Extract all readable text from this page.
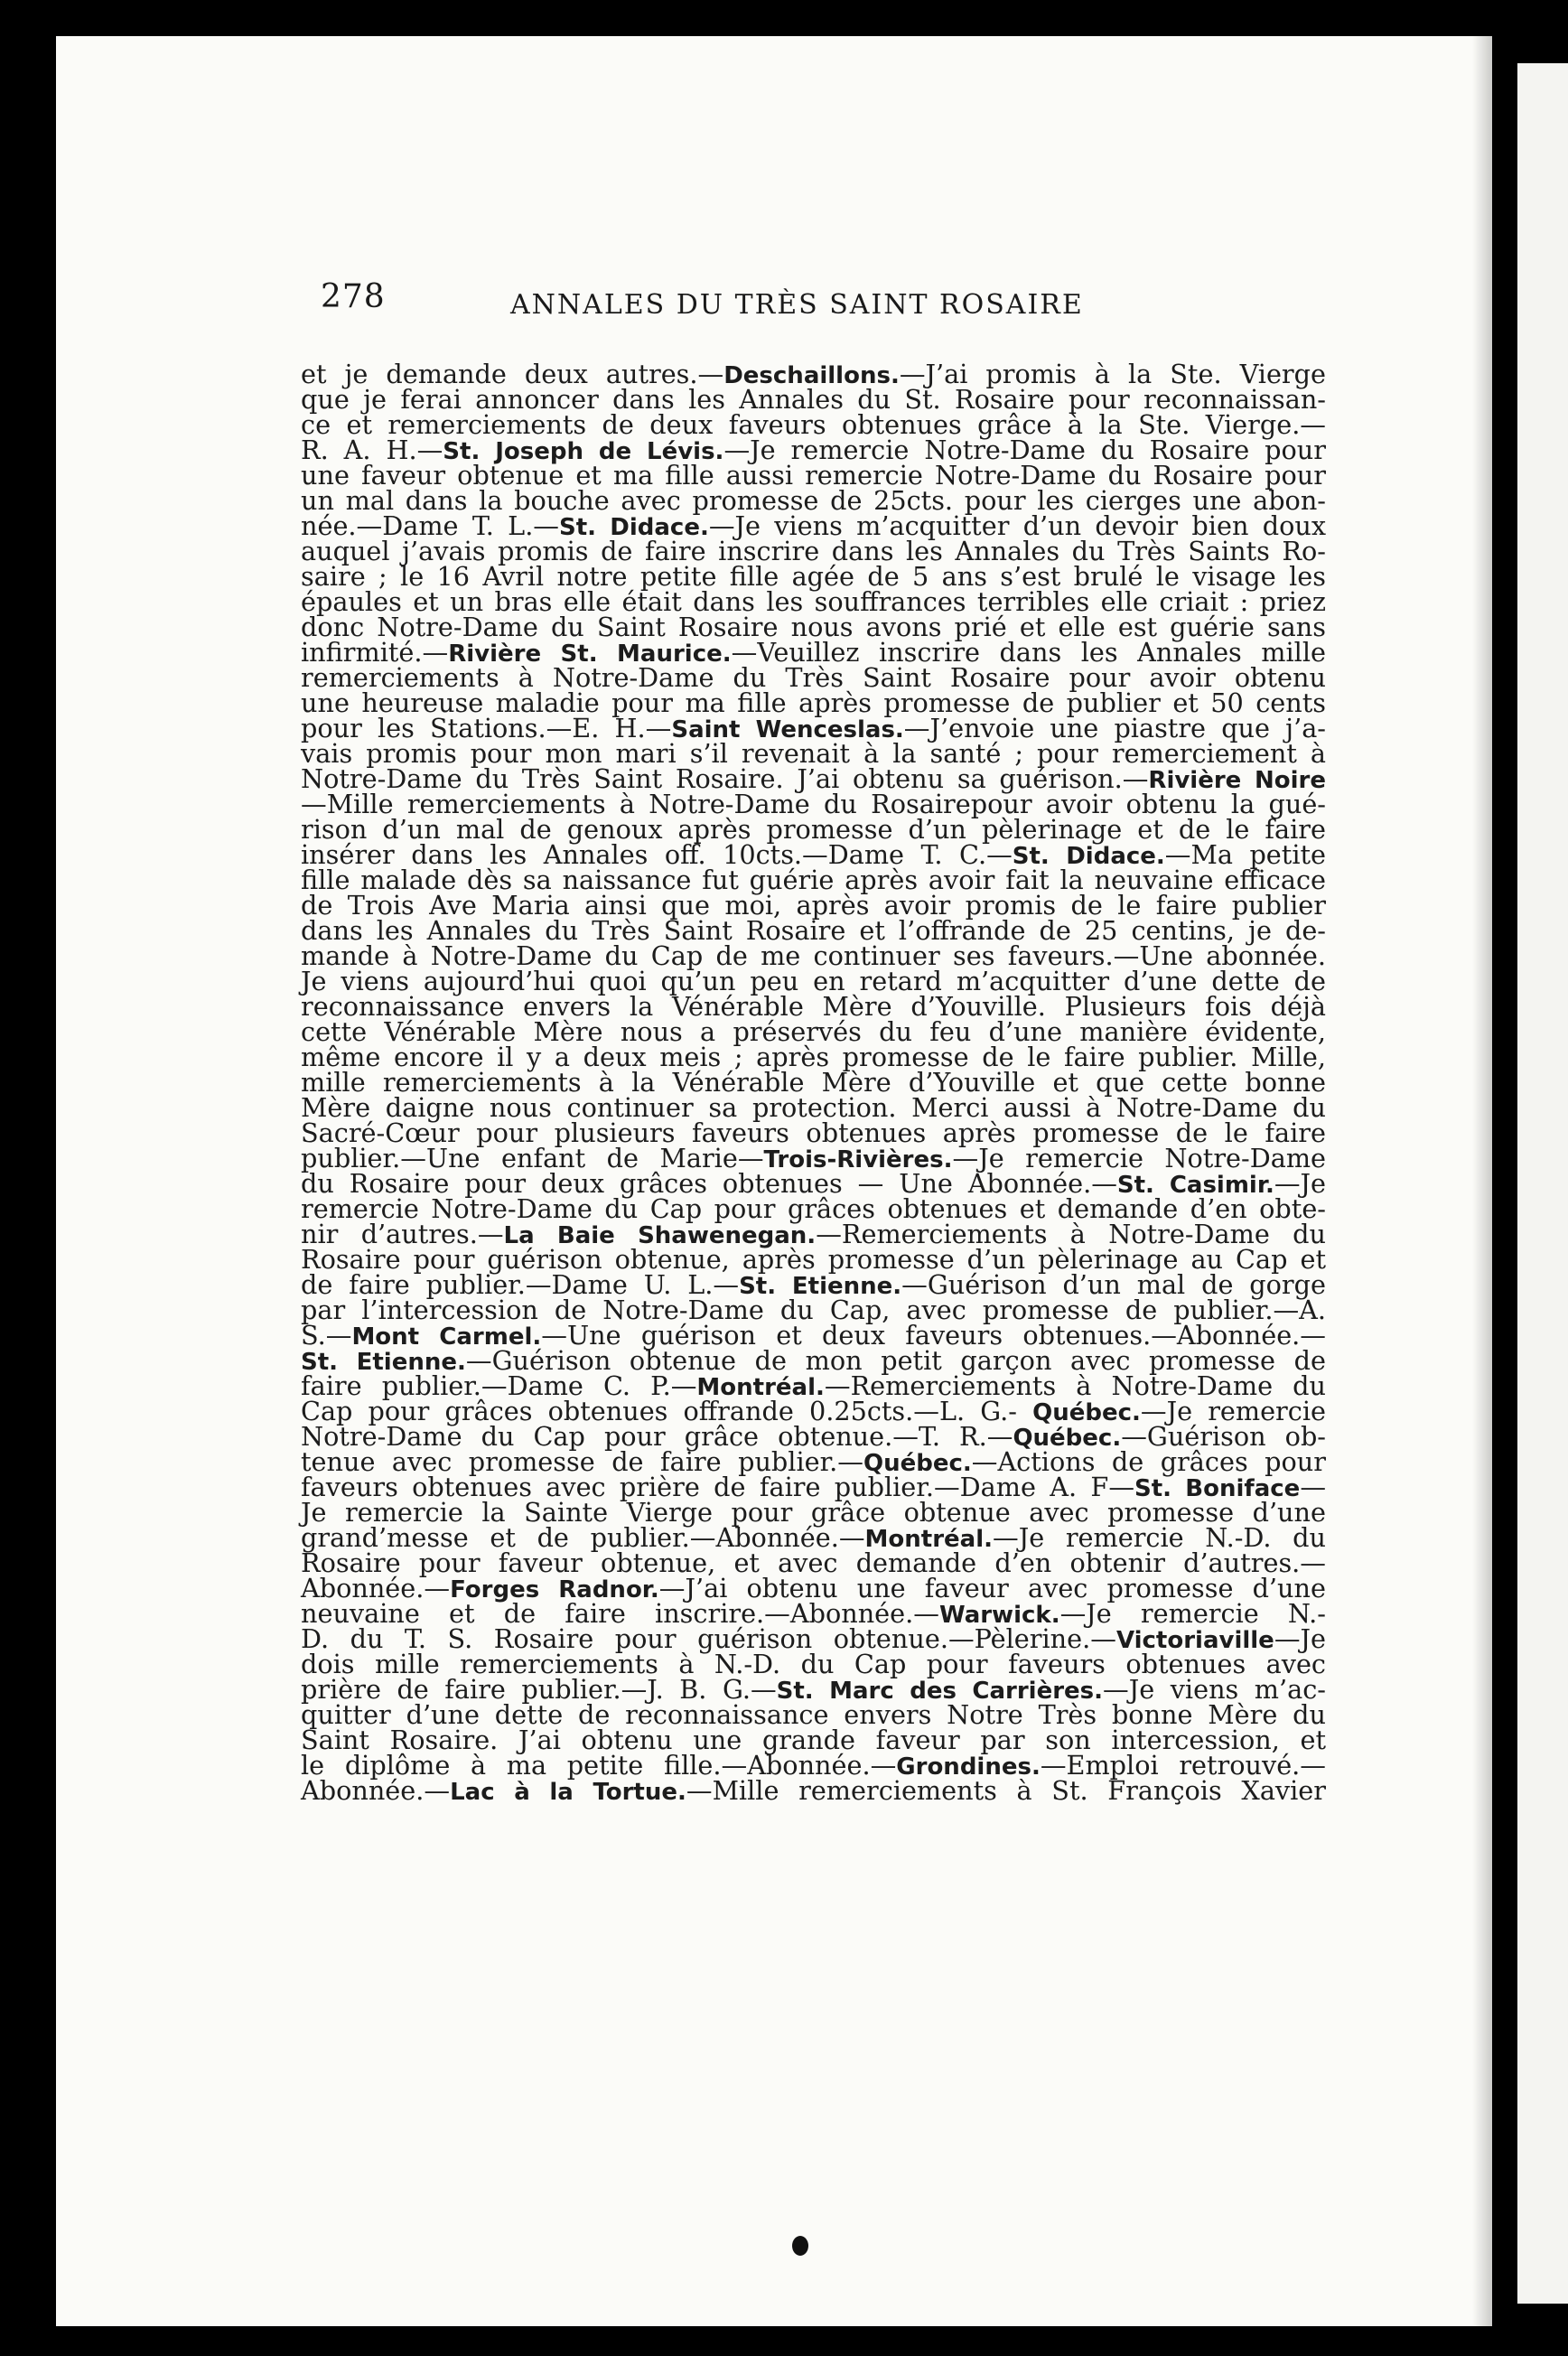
278	ANNALES DU TRÈS SAINT ROSAIRE
et je demande deux autres.—Deschaillons.—J’ai promis à la Ste. Vierge
que je ferai annoncer dans les Annales du St. Rosaire pour reconnaissan-
ce et remerciements de deux faveurs obtenues grâce à la Ste. Vierge.—
R. A. H.—St. Joseph de Lévis.—Je remercie Notre-Dame du Rosaire pour
une faveur obtenue et ma fille aussi remercie Notre-Dame du Rosaire pour
un mal dans la bouche avec promesse de 25cts. pour les cierges une abon-
née.—Dame T. L.—St. Didace.—Je viens m’acquitter d’un devoir bien doux
auquel j’avais promis de faire inscrire dans les Annales du Très Saints Ro-
saire ; le 16 Avril notre petite fille agée de 5 ans s’est brulé le visage les
épaules et un bras elle était dans les souffrances terribles elle criait : priez
donc Notre-Dame du Saint Rosaire nous avons prié et elle est guérie sans
infirmité.—Rivière St. Maurice.—Veuillez inscrire dans les Annales mille
remerciements à Notre-Dame du Très Saint Rosaire pour avoir obtenu
une heureuse maladie pour ma fille après promesse de publier et 50 cents
pour les Stations.—E. H.—Saint Wenceslas.—J’envoie une piastre que j’a-
vais promis pour mon mari s’il revenait à la santé ; pour remerciement à
Notre-Dame du Très Saint Rosaire. J’ai obtenu sa guérison.—Rivière Noire
—Mille remerciements à Notre-Dame du Rosairepour avoir obtenu la gué-
rison d’un mal de genoux après promesse d’un pèlerinage et de le faire
insérer dans les Annales off. 10cts.—Dame T. C.—St. Didace.—Ma petite
fille malade dès sa naissance fut guérie après avoir fait la neuvaine efficace
de Trois Ave Maria ainsi que moi, après avoir promis de le faire publier
dans les Annales du Très Saint Rosaire et l’offrande de 25 centins, je de-
mande à Notre-Dame du Cap de me continuer ses faveurs.—Une abonnée.
Je viens aujourd’hui quoi qu’un peu en retard m’acquitter d’une dette de
reconnaissance envers la Vénérable Mère d’Youville. Plusieurs fois déjà
cette Vénérable Mère nous a préservés du feu d’une manière évidente,
même encore il y a deux meis ; après promesse de le faire publier. Mille,
mille remerciements à la Vénérable Mère d’Youville et que cette bonne
Mère daigne nous continuer sa protection. Merci aussi à Notre-Dame du
Sacré-Cœur pour plusieurs faveurs obtenues après promesse de le faire
publier.—Une enfant de Marie—Trois-Rivières.—Je remercie Notre-Dame
du Rosaire pour deux grâces obtenues — Une Abonnée.—St. Casimir.—Je
remercie Notre-Dame du Cap pour grâces obtenues et demande d’en obte-
nir d’autres.—La Baie Shawenegan.—Remerciements à Notre-Dame du
Rosaire pour guérison obtenue, après promesse d’un pèlerinage au Cap et
de faire publier.—Dame U. L.—St. Etienne.—Guérison d’un mal de gorge
par l’intercession de Notre-Dame du Cap, avec promesse de publier.—A.
S.—Mont Carmel.—Une guérison et deux faveurs obtenues.—Abonnée.—
St. Etienne.—Guérison obtenue de mon petit garçon avec promesse de
faire publier.—Dame C. P.—Montréal.—Remerciements à Notre-Dame du
Cap pour grâces obtenues offrande 0.25cts.—L. G.- Québec.—Je remercie
Notre-Dame du Cap pour grâce obtenue.—T. R.—Québec.—Guérison ob-
tenue avec promesse de faire publier.—Québec.—Actions de grâces pour
faveurs obtenues avec prière de faire publier.—Dame A. F—St. Boniface—
Je remercie la Sainte Vierge pour grâce obtenue avec promesse d’une
grand’messe et de publier.—Abonnée.—Montréal.—Je remercie N.-D. du
Rosaire pour faveur obtenue, et avec demande d’en obtenir d’autres.—
Abonnée.—Forges Radnor.—J’ai obtenu une faveur avec promesse d’une
neuvaine et de faire inscrire.—Abonnée.—Warwick.—Je remercie N.-
D. du T. S. Rosaire pour guérison obtenue.—Pèlerine.—Victoriaville—Je
dois mille remerciements à N.-D. du Cap pour faveurs obtenues avec
prière de faire publier.—J. B. G.—St. Marc des Carrières.—Je viens m’ac-
quitter d’une dette de reconnaissance envers Notre Très bonne Mère du
Saint Rosaire. J’ai obtenu une grande faveur par son intercession, et
le diplôme à ma petite fille.—Abonnée.—Grondines.—Emploi retrouvé.—
Abonnée.—Lac à la Tortue.—Mille remerciements à St. François Xavier
